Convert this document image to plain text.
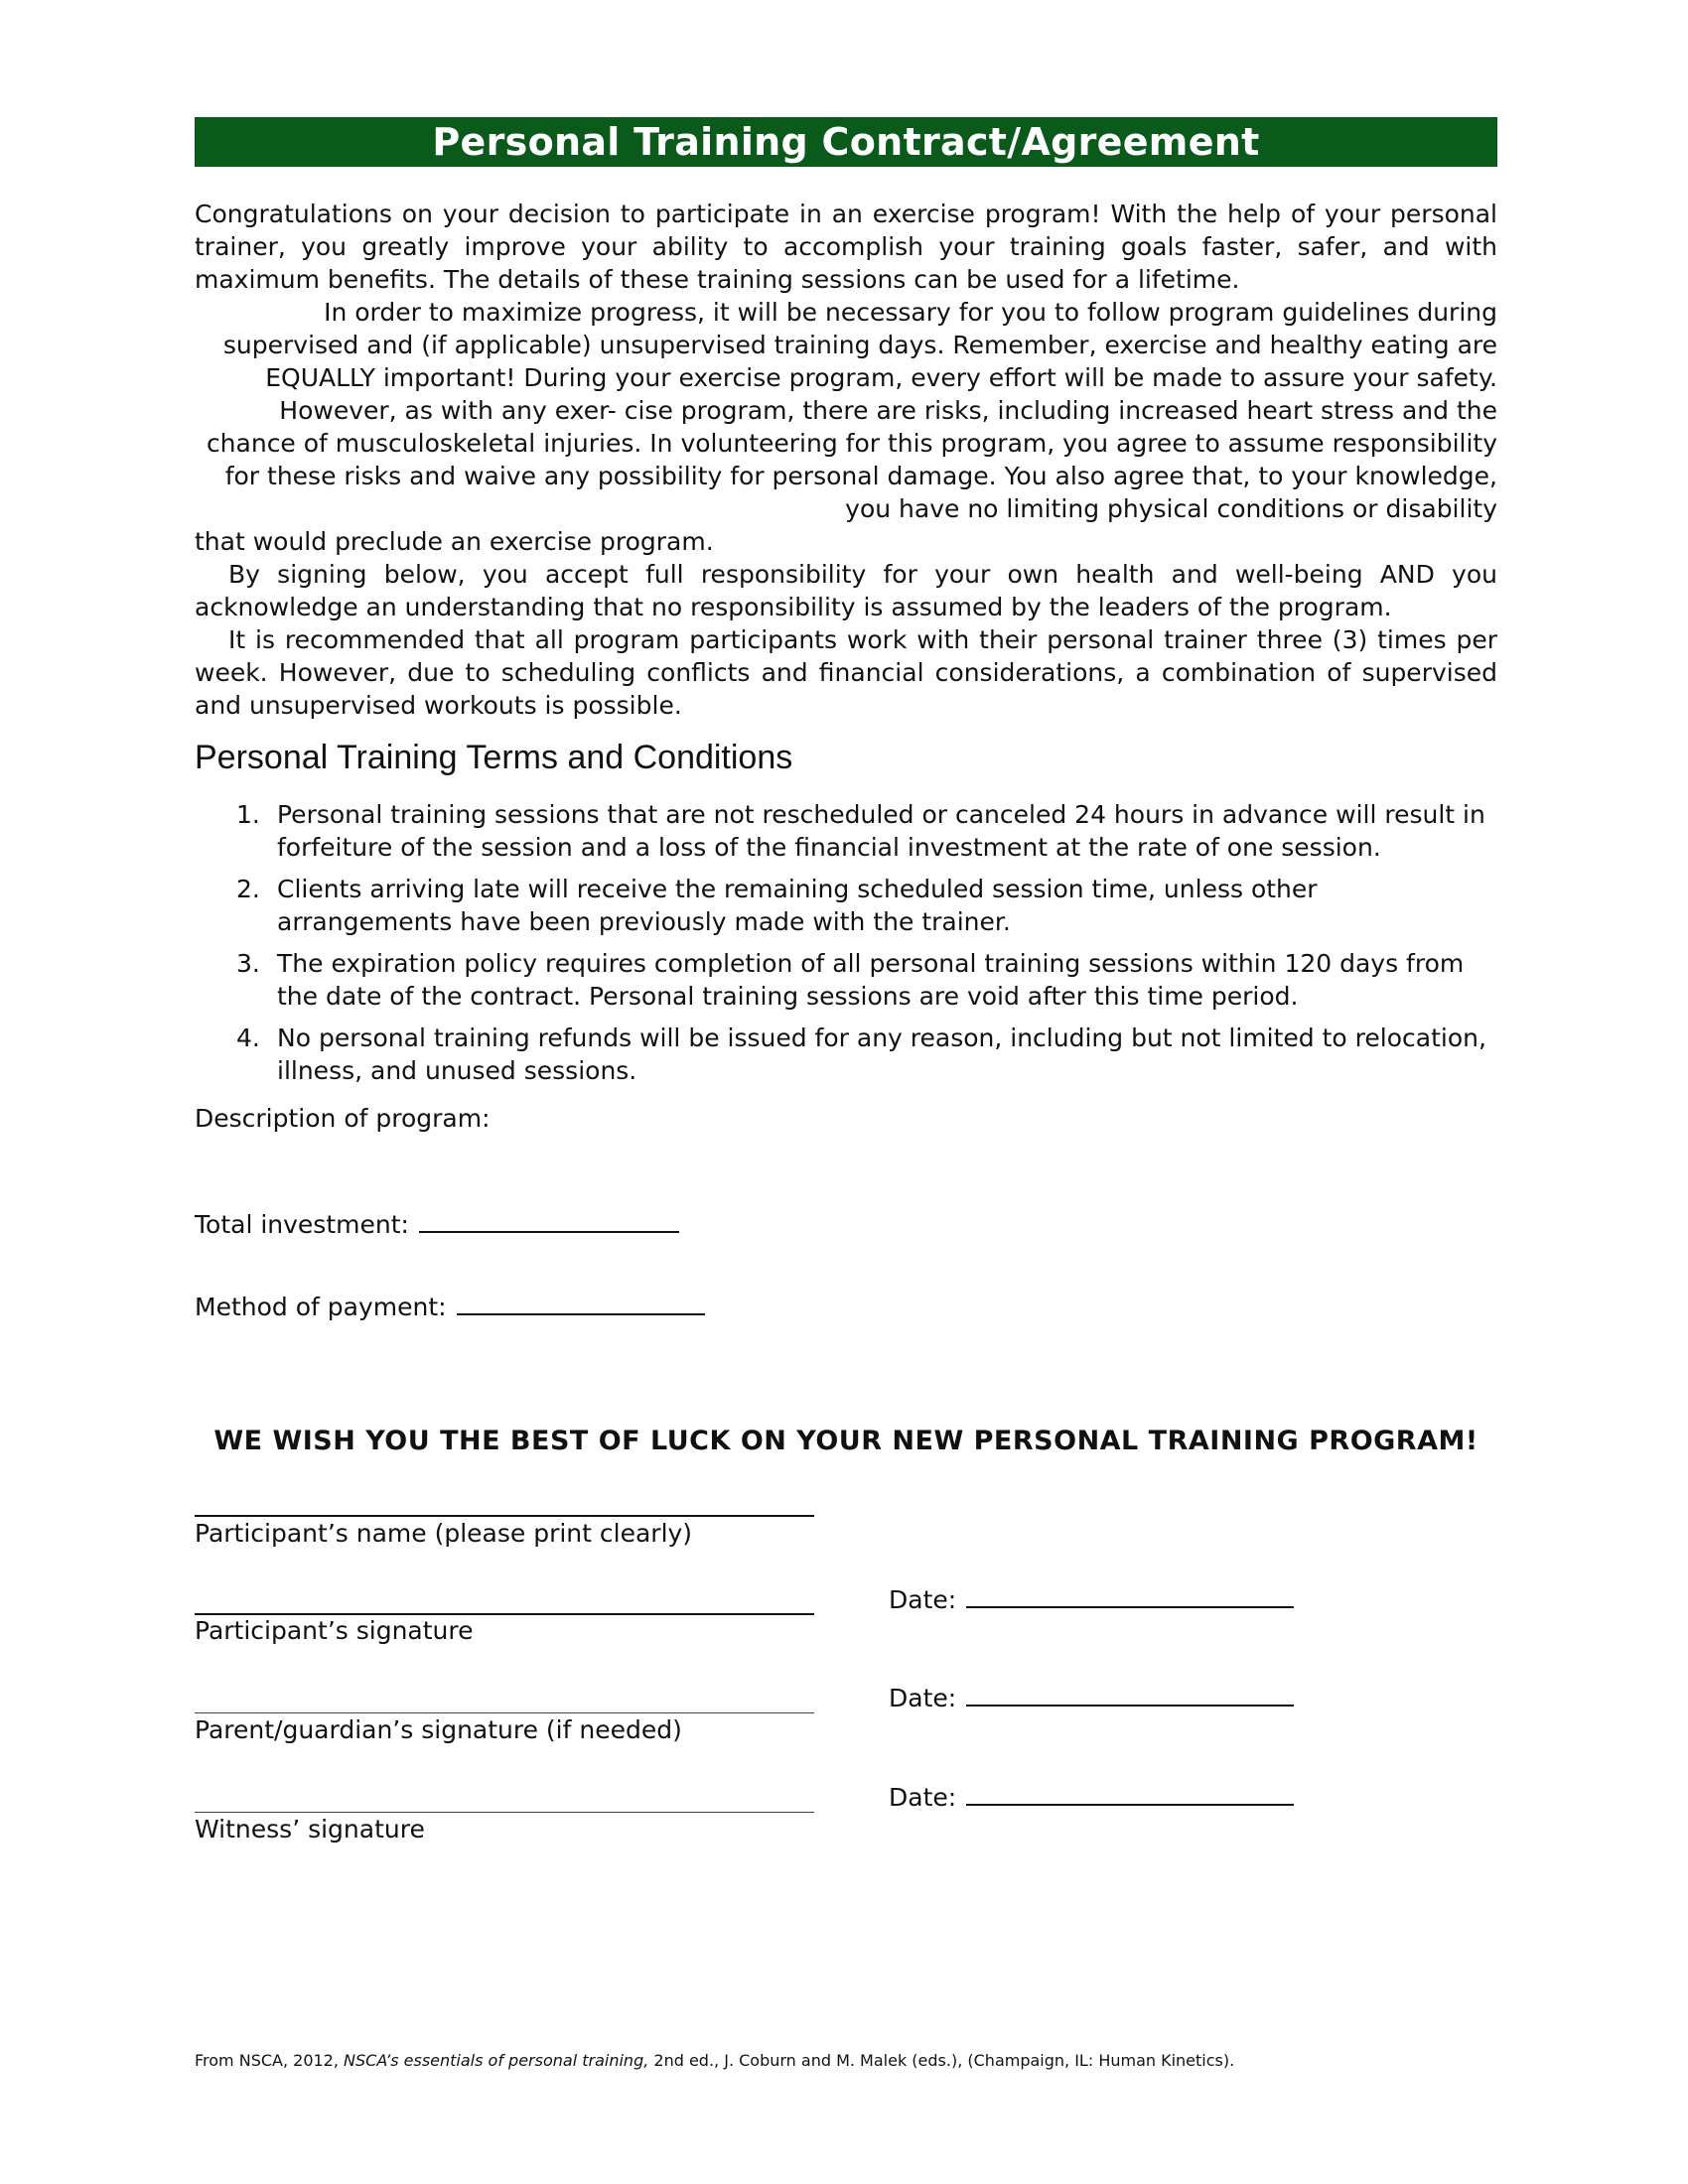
Personal Training Contract/Agreement

Congratulations on your decision to participate in an exercise program! With the help of your personal trainer, you greatly improve your ability to accomplish your training goals faster, safer, and with maximum benefits. The details of these training sessions can be used for a lifetime.

In order to maximize progress, it will be necessary for you to follow program guidelines during

supervised and (if applicable) unsupervised training days. Remember, exercise and healthy eating are

EQUALLY important! During your exercise program, every effort will be made to assure your safety.

However, as with any exer- cise program, there are risks, including increased heart stress and the

chance of musculoskeletal injuries. In volunteering for this program, you agree to assume responsibility

for these risks and waive any possibility for personal damage. You also agree that, to your knowledge,

you have no limiting physical conditions or disability

that would preclude an exercise program.

By signing below, you accept full responsibility for your own health and well-being AND you acknowledge an understanding that no responsibility is assumed by the leaders of the program.

It is recommended that all program participants work with their personal trainer three (3) times per week. However, due to scheduling conflicts and financial considerations, a combination of supervised and unsupervised workouts is possible.

Personal Training Terms and Conditions
1. Personal training sessions that are not rescheduled or canceled 24 hours in advance will result in forfeiture of the session and a loss of the financial investment at the rate of one session.
2. Clients arriving late will receive the remaining scheduled session time, unless other arrangements have been previously made with the trainer.
3. The expiration policy requires completion of all personal training sessions within 120 days from the date of the contract. Personal training sessions are void after this time period.
4. No personal training refunds will be issued for any reason, including but not limited to relocation, illness, and unused sessions.
Description of program:
Total investment:
Method of payment:
WE WISH YOU THE BEST OF LUCK ON YOUR NEW PERSONAL TRAINING PROGRAM!
Participant’s name (please print clearly)
Participant’s signature
Date:
Parent/guardian’s signature (if needed)
Date:
Witness’ signature
Date:
From NSCA, 2012, NSCA’s essentials of personal training, 2nd ed., J. Coburn and M. Malek (eds.), (Champaign, IL: Human Kinetics).
